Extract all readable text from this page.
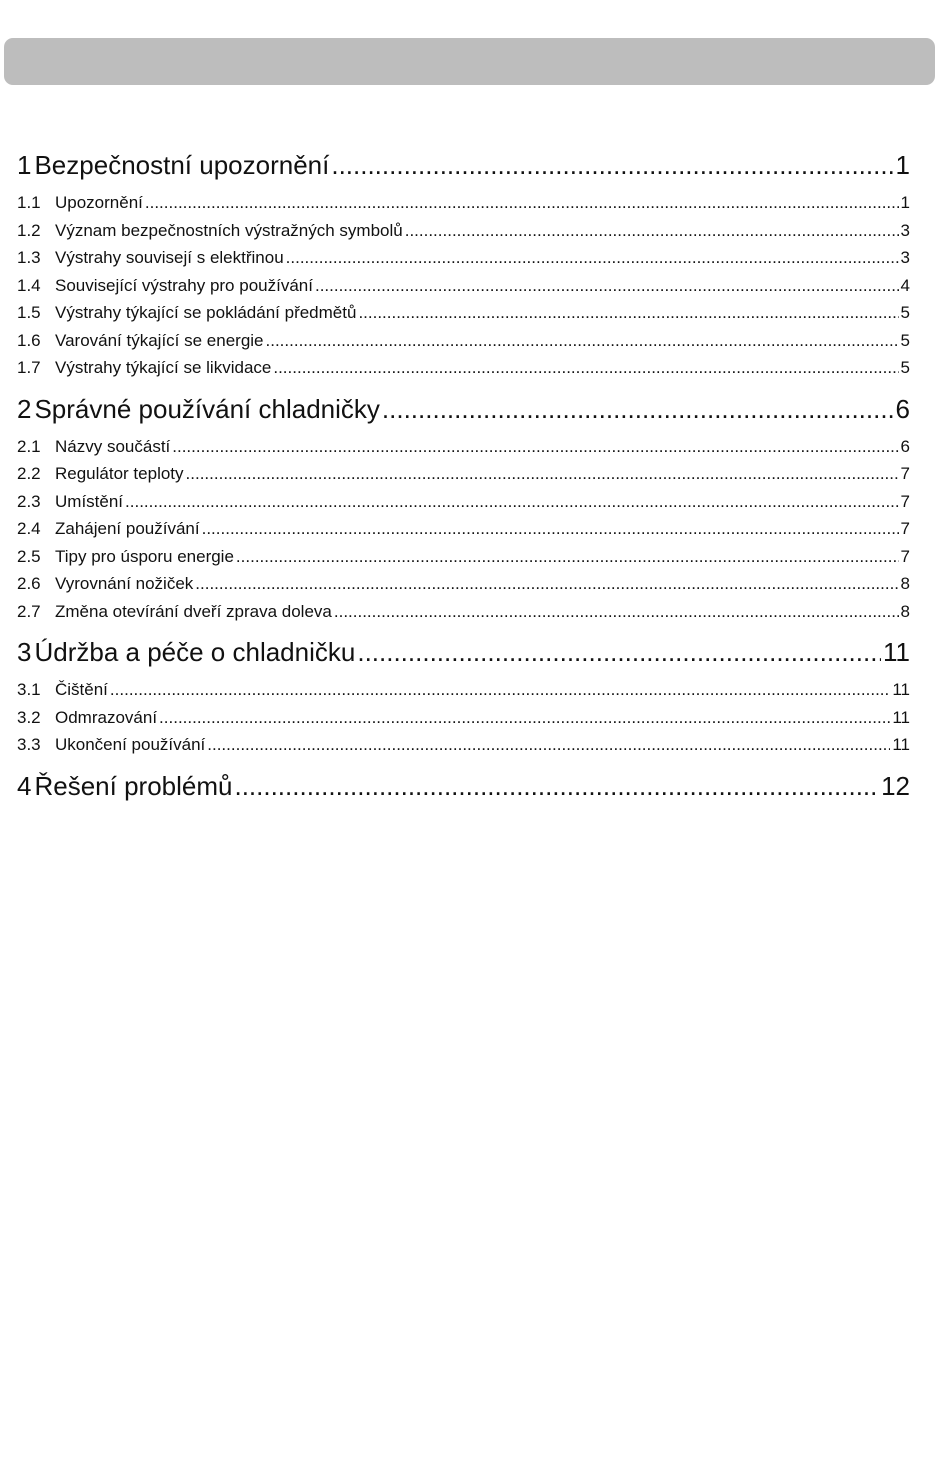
1 Bezpečnostní upozornění .....	1
1.1 Upozornění .....	1
1.2 Význam bezpečnostních výstražných symbolů .....	3
1.3 Výstrahy souvisejí s elektřinou .....	3
1.4 Související výstrahy pro používání .....	4
1.5 Výstrahy týkající se pokládání předmětů .....	5
1.6 Varování týkající se energie .....	5
1.7 Výstrahy týkající se likvidace .....	5
2 Správné používání chladničky .....	6
2.1 Názvy součástí .....	6
2.2 Regulátor teploty .....	7
2.3 Umístění .....	7
2.4 Zahájení používání .....	7
2.5 Tipy pro úsporu energie .....	7
2.6 Vyrovnání nožiček .....	8
2.7 Změna otevírání dveří zprava doleva .....	8
3 Údržba a péče o chladničku .....	11
3.1 Čištění .....	11
3.2 Odmrazování .....	11
3.3 Ukončení používání .....	11
4 Řešení problémů .....	12
